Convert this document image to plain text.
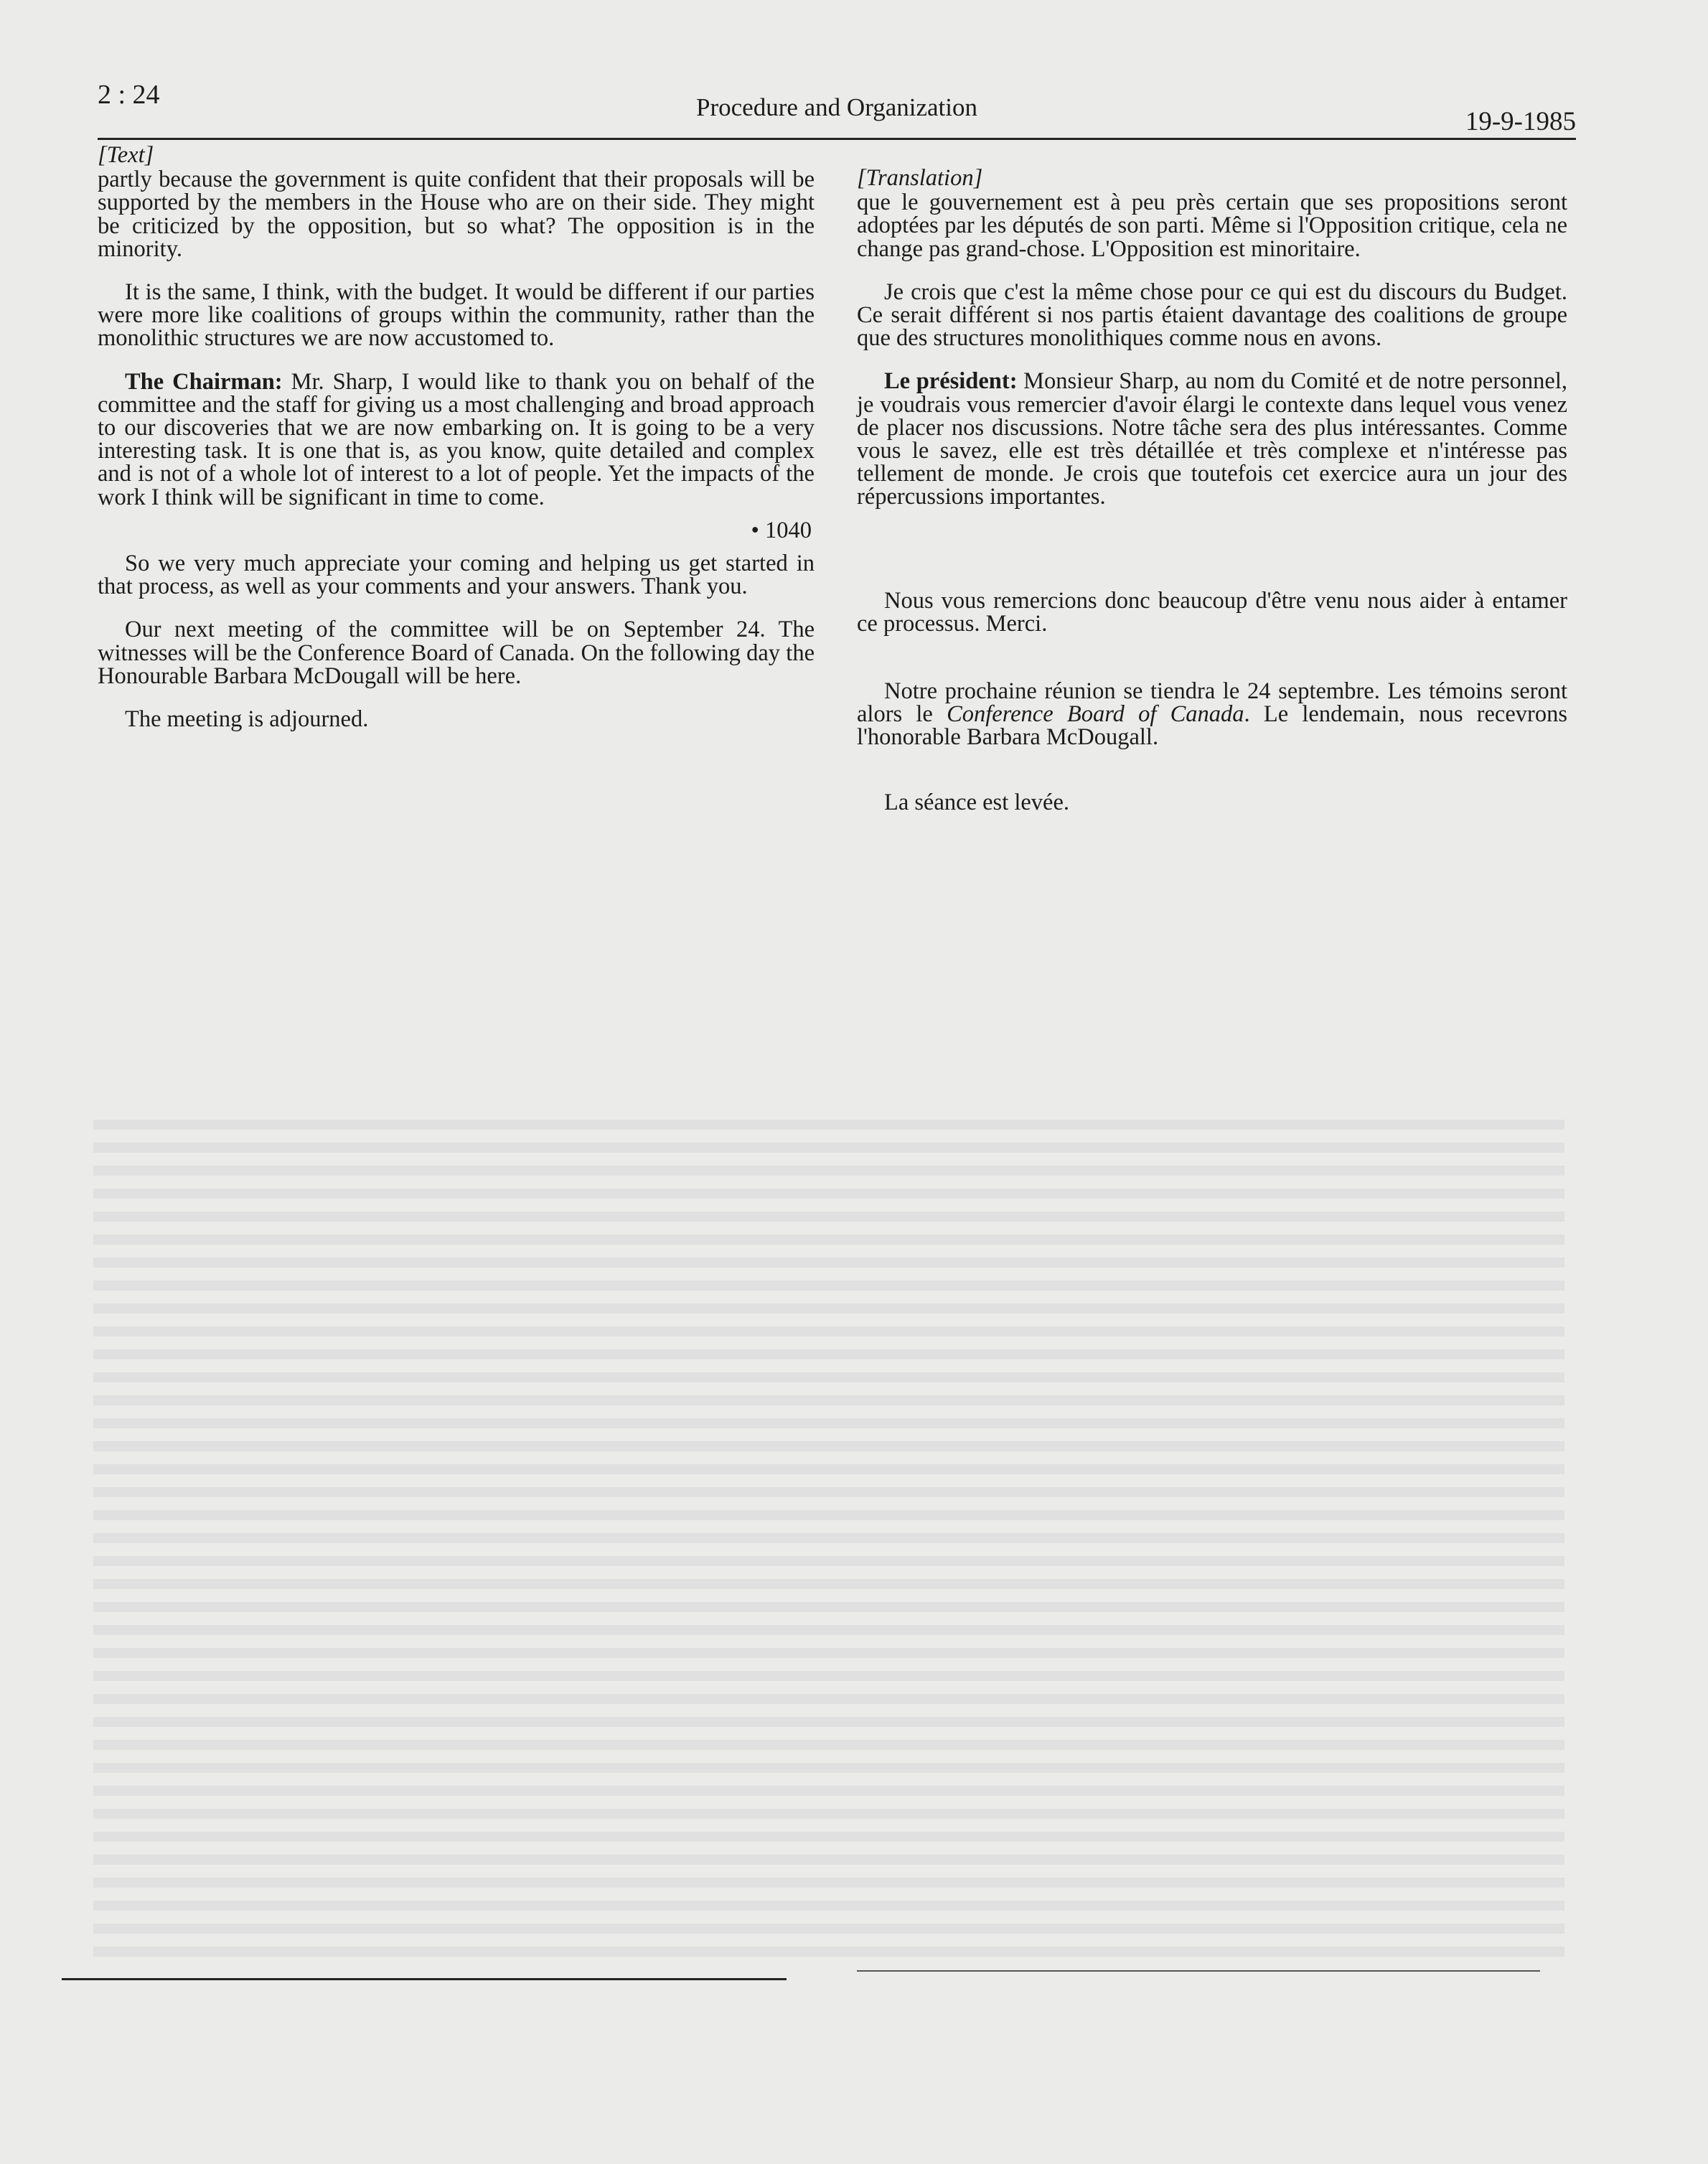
2 : 24	Procedure and Organization	19-9-1985

[Text]

partly because the government is quite confident that their proposals will be supported by the members in the House who are on their side. They might be criticized by the opposition, but so what? The opposition is in the minority.

It is the same, I think, with the budget. It would be different if our parties were more like coalitions of groups within the community, rather than the monolithic structures we are now accustomed to.

The Chairman: Mr. Sharp, I would like to thank you on behalf of the committee and the staff for giving us a most challenging and broad approach to our discoveries that we are now embarking on. It is going to be a very interesting task. It is one that is, as you know, quite detailed and complex and is not of a whole lot of interest to a lot of people. Yet the impacts of the work I think will be significant in time to come.

• 1040

So we very much appreciate your coming and helping us get started in that process, as well as your comments and your answers. Thank you.

Our next meeting of the committee will be on September 24. The witnesses will be the Conference Board of Canada. On the following day the Honourable Barbara McDougall will be here.

The meeting is adjourned.

[Translation]

que le gouvernement est à peu près certain que ses propositions seront adoptées par les députés de son parti. Même si l'Opposition critique, cela ne change pas grand-chose. L'Opposition est minoritaire.

Je crois que c'est la même chose pour ce qui est du discours du Budget. Ce serait différent si nos partis étaient davantage des coalitions de groupe que des structures monolithiques comme nous en avons.

Le président: Monsieur Sharp, au nom du Comité et de notre personnel, je voudrais vous remercier d'avoir élargi le contexte dans lequel vous venez de placer nos discussions. Notre tâche sera des plus intéressantes. Comme vous le savez, elle est très détaillée et très complexe et n'intéresse pas tellement de monde. Je crois que toutefois cet exercice aura un jour des répercussions importantes.

Nous vous remercions donc beaucoup d'être venu nous aider à entamer ce processus. Merci.

Notre prochaine réunion se tiendra le 24 septembre. Les témoins seront alors le Conference Board of Canada. Le lendemain, nous recevrons l'honorable Barbara McDougall.

La séance est levée.
